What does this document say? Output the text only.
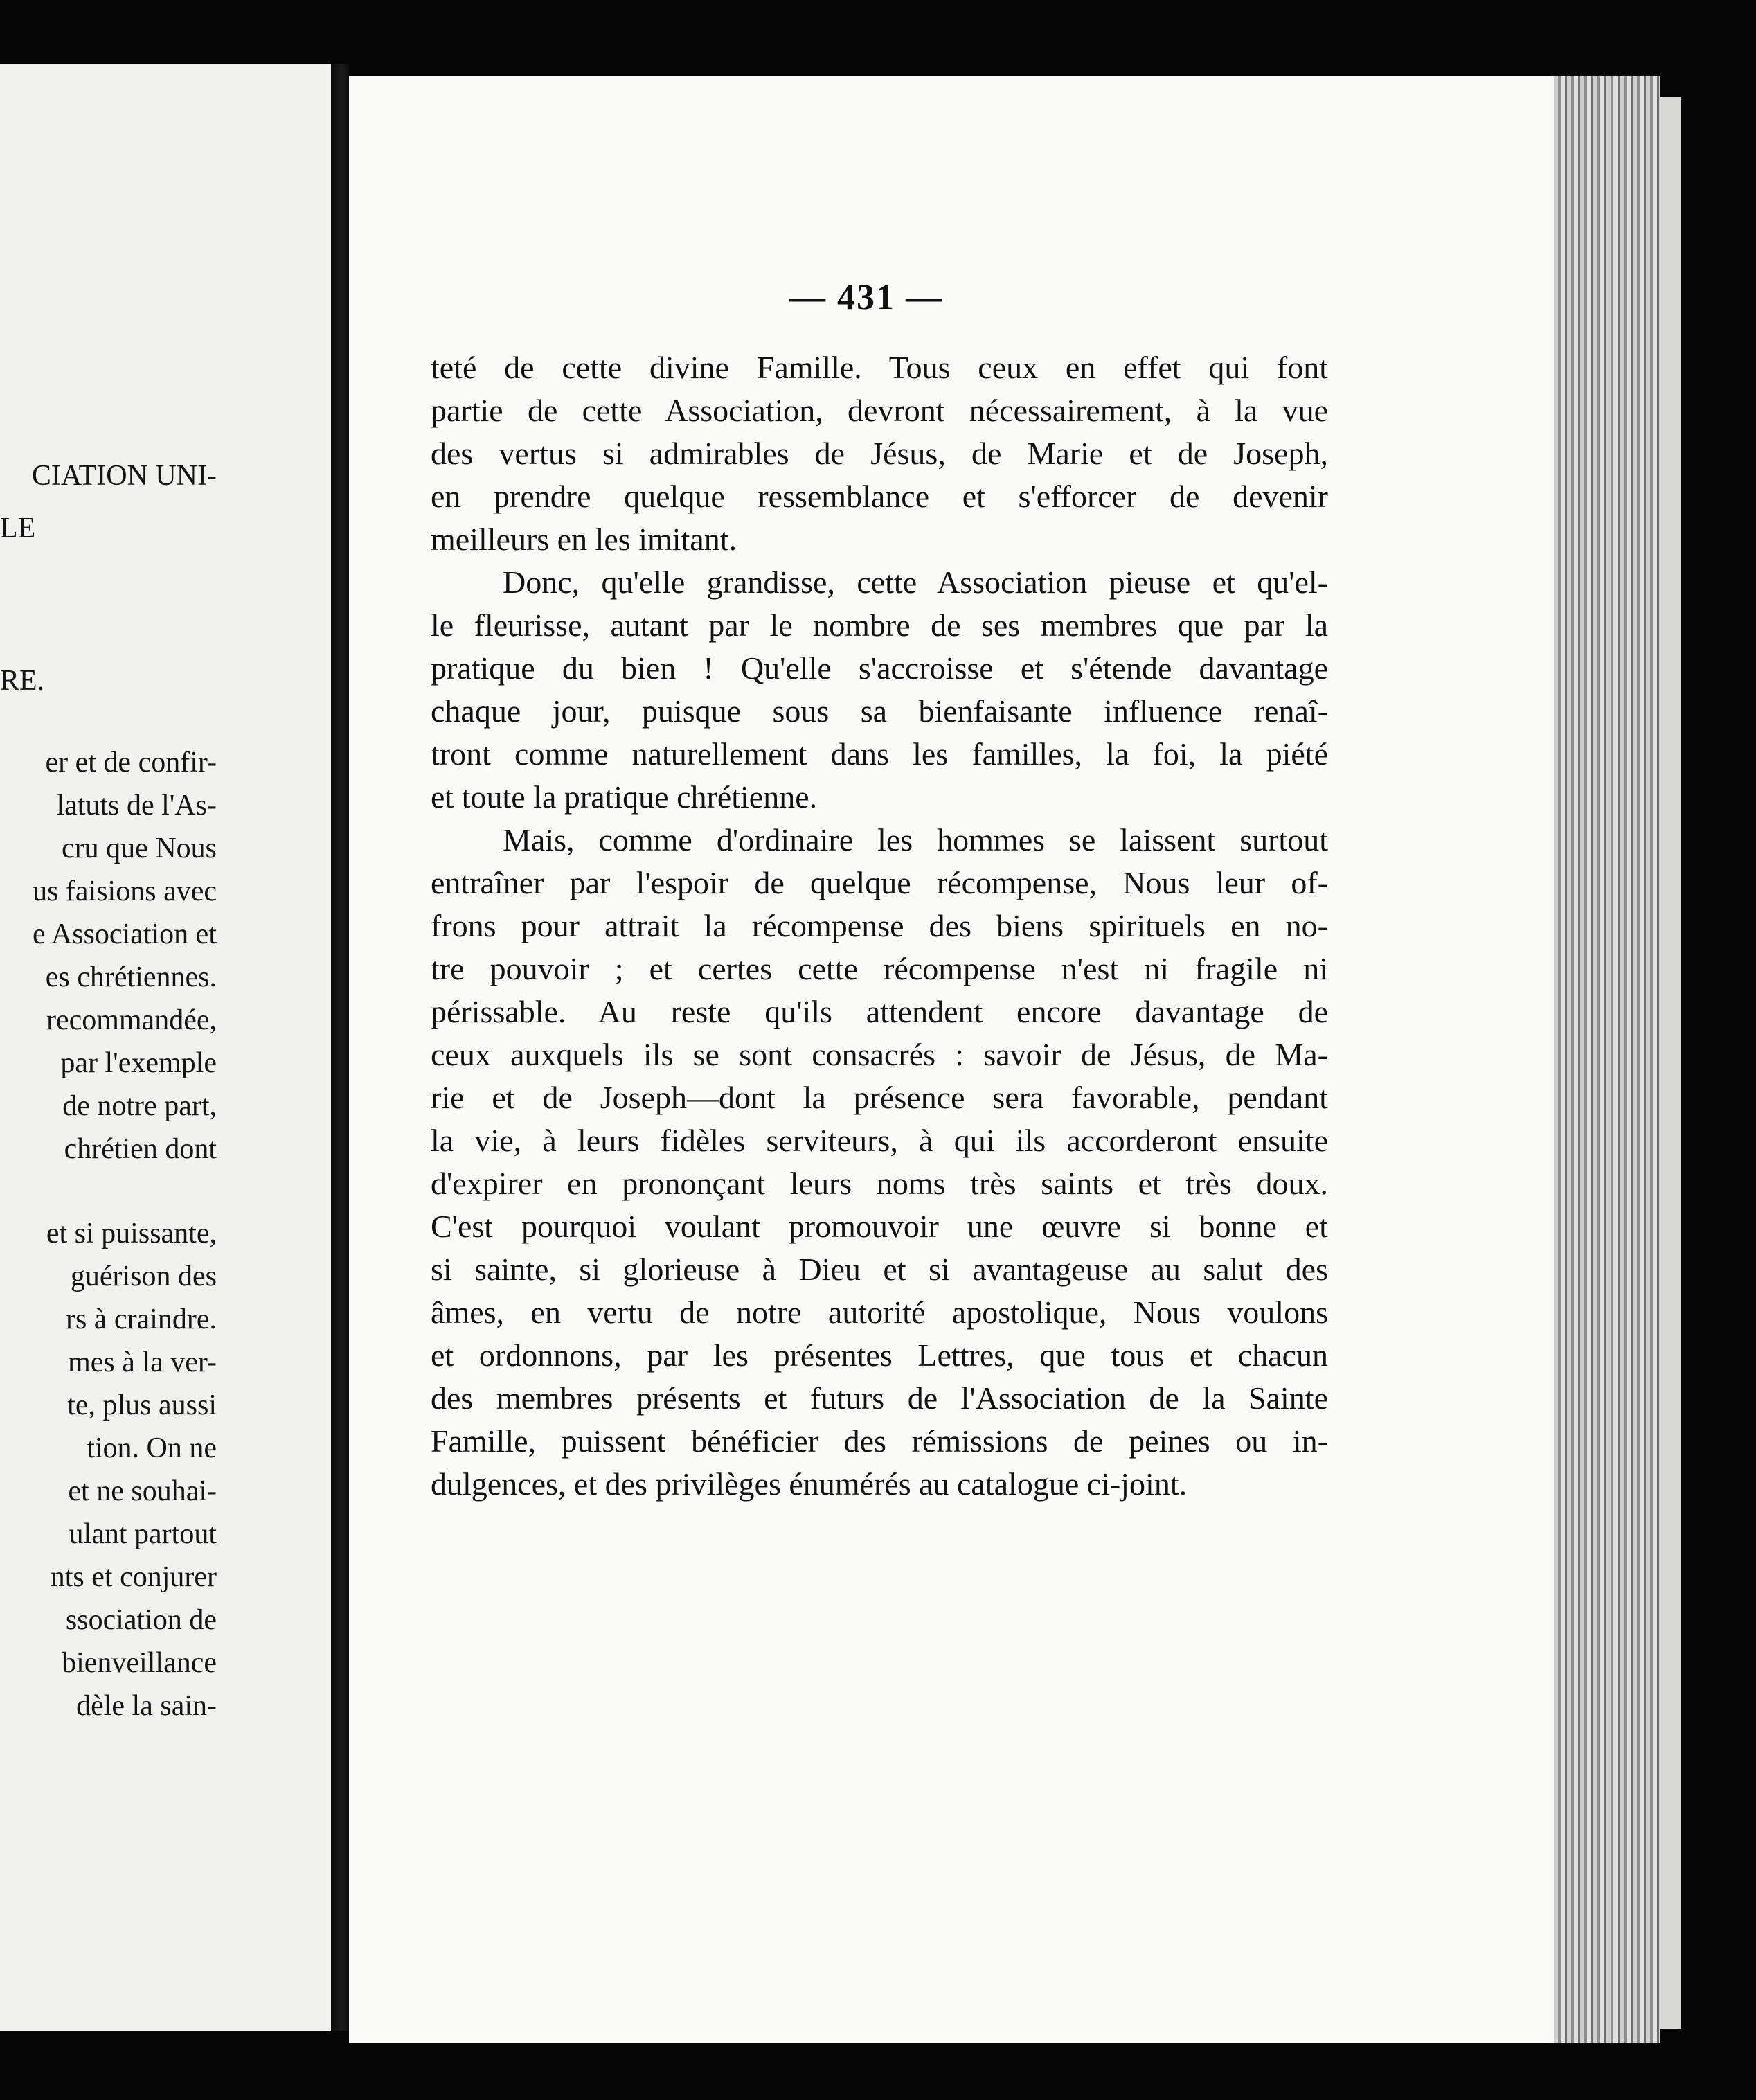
CIATION UNI-
LE
RE.
er et de confir-
latuts de l'As-
cru que Nous
us faisions avec
e Association et
es chrétiennes.
recommandée,
par l'exemple
de notre part,
chrétien dont
et si puissante,
guérison des
rs à craindre.
mes à la ver-
te, plus aussi
tion. On ne
et ne souhai-
ulant partout
nts et conjurer
ssociation de
bienveillance
dèle la sain-
— 431 —
teté de cette divine Famille. Tous ceux en effet qui font
partie de cette Association, devront nécessairement, à la vue
des vertus si admirables de Jésus, de Marie et de Joseph,
en prendre quelque ressemblance et s'efforcer de devenir
meilleurs en les imitant.
Donc, qu'elle grandisse, cette Association pieuse et qu'el-
le fleurisse, autant par le nombre de ses membres que par la
pratique du bien ! Qu'elle s'accroisse et s'étende davantage
chaque jour, puisque sous sa bienfaisante influence renaî-
tront comme naturellement dans les familles, la foi, la piété
et toute la pratique chrétienne.
Mais, comme d'ordinaire les hommes se laissent surtout
entraîner par l'espoir de quelque récompense, Nous leur of-
frons pour attrait la récompense des biens spirituels en no-
tre pouvoir ; et certes cette récompense n'est ni fragile ni
périssable. Au reste qu'ils attendent encore davantage de
ceux auxquels ils se sont consacrés : savoir de Jésus, de Ma-
rie et de Joseph—dont la présence sera favorable, pendant
la vie, à leurs fidèles serviteurs, à qui ils accorderont ensuite
d'expirer en prononçant leurs noms très saints et très doux.
C'est pourquoi voulant promouvoir une œuvre si bonne et
si sainte, si glorieuse à Dieu et si avantageuse au salut des
âmes, en vertu de notre autorité apostolique, Nous voulons
et ordonnons, par les présentes Lettres, que tous et chacun
des membres présents et futurs de l'Association de la Sainte
Famille, puissent bénéficier des rémissions de peines ou in-
dulgences, et des privilèges énumérés au catalogue ci-joint.
